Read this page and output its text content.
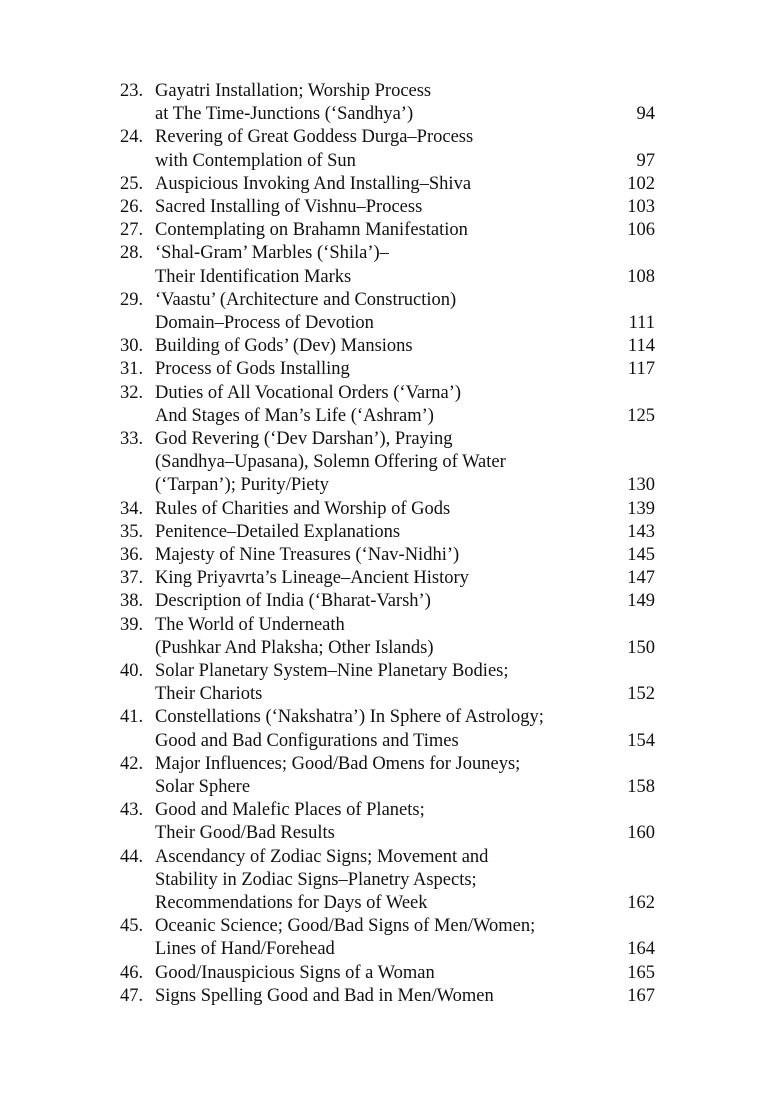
23. Gayatri Installation; Worship Process
at The Time-Junctions (‘Sandhya’)	94
24. Revering of Great Goddess Durga–Process
with Contemplation of Sun	97
25. Auspicious Invoking And Installing–Shiva	102
26. Sacred Installing of Vishnu–Process	103
27. Contemplating on Brahamn Manifestation	106
28. ‘Shal-Gram’ Marbles (‘Shila’)–
Their Identification Marks	108
29. ‘Vaastu’ (Architecture and Construction)
Domain–Process of Devotion	111
30. Building of Gods’ (Dev) Mansions	114
31. Process of Gods Installing	117
32. Duties of All Vocational Orders (‘Varna’)
And Stages of Man’s Life (‘Ashram’)	125
33. God Revering (‘Dev Darshan’), Praying
(Sandhya–Upasana), Solemn Offering of Water
(‘Tarpan’); Purity/Piety	130
34. Rules of Charities and Worship of Gods	139
35. Penitence–Detailed Explanations	143
36. Majesty of Nine Treasures (‘Nav-Nidhi’)	145
37. King Priyavrta’s Lineage–Ancient History	147
38. Description of India (‘Bharat-Varsh’)	149
39. The World of Underneath
(Pushkar And Plaksha; Other Islands)	150
40. Solar Planetary System–Nine Planetary Bodies;
Their Chariots	152
41. Constellations (‘Nakshatra’) In Sphere of Astrology;
Good and Bad Configurations and Times	154
42. Major Influences; Good/Bad Omens for Jouneys;
Solar Sphere	158
43. Good and Malefic Places of Planets;
Their Good/Bad Results	160
44. Ascendancy of Zodiac Signs; Movement and
Stability in Zodiac Signs–Planetry Aspects;
Recommendations for Days of Week	162
45. Oceanic Science; Good/Bad Signs of Men/Women;
Lines of Hand/Forehead	164
46. Good/Inauspicious Signs of a Woman	165
47. Signs Spelling Good and Bad in Men/Women	167
